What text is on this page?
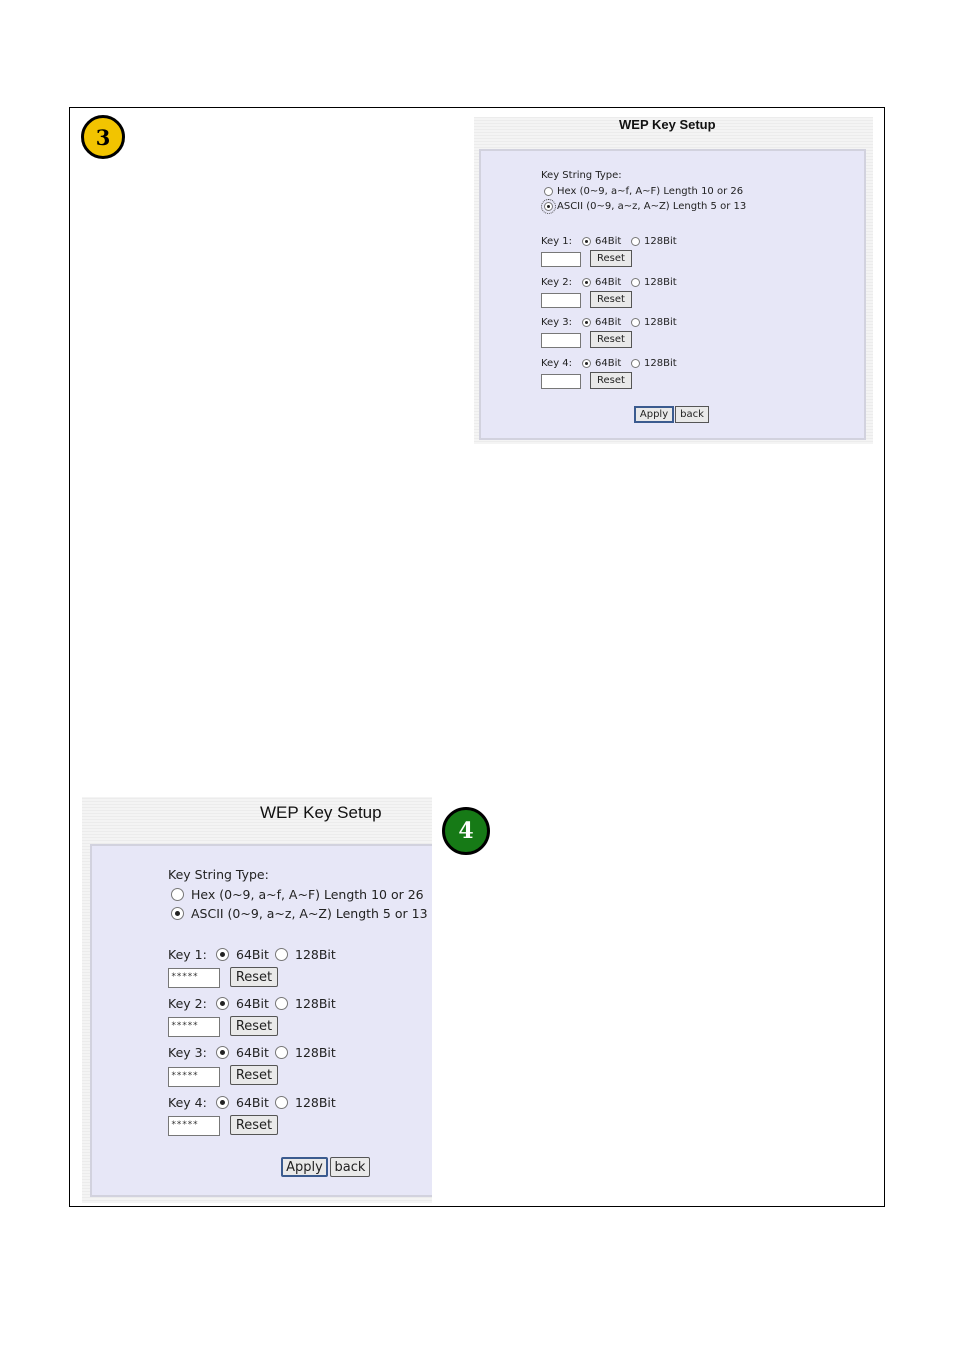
3
4
WEP Key Setup
Key String Type:
Hex (0~9, a~f, A~F) Length 10 or 26
ASCII (0~9, a~z, A~Z) Length 5 or 13
Key 1:	64Bit	128Bit
Reset
Key 2:	64Bit	128Bit
Reset
Key 3:	64Bit	128Bit
Reset
Key 4:	64Bit	128Bit
Reset
Apply	back
WEP Key Setup
Key String Type:
Hex (0~9, a~f, A~F) Length 10 or 26
ASCII (0~9, a~z, A~Z) Length 5 or 13
Key 1:	64Bit	128Bit
*****	Reset
Key 2:	64Bit	128Bit
*****	Reset
Key 3:	64Bit	128Bit
*****	Reset
Key 4:	64Bit	128Bit
*****	Reset
Apply back
